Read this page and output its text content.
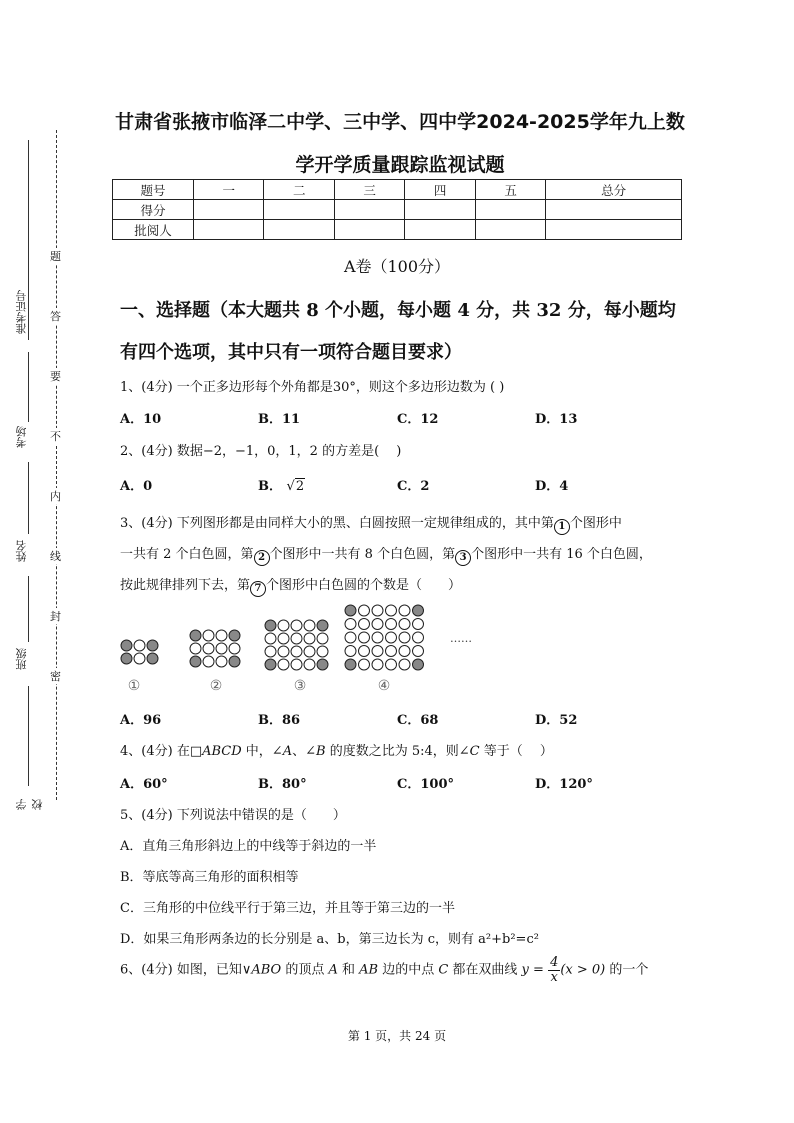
准考证号
考场
姓名
班级
学校
题
答
要
不
内
线
封
密
甘肃省张掖市临泽二中学、三中学、四中学2024-2025学年九上数
学开学质量跟踪监视试题
题号	一	二	三	四	五	总分
得分						
批阅人						
A卷（100分）
一、选择题（本大题共 8 个小题，每小题 4 分，共 32 分，每小题均
有四个选项，其中只有一项符合题目要求）
1、(4分) 一个正多边形每个外角都是30°，则这个多边形边数为 ( )
A．10	B．11	C．12	D．13
2、(4分) 数据−2，−1，0，1，2 的方差是(　 )
A．0	B． √2	C．2	D．4
3、(4分) 下列图形都是由同样大小的黑、白圆按照一定规律组成的，其中第 1 个图形中
一共有 2 个白色圆，第 2 个图形中一共有 8 个白色圆，第 3 个图形中一共有 16 个白色圆，
按此规律排列下去，第 7 个图形中白色圆的个数是（　　）
①	②	③	④
……
A．96	B．86	C．68	D．52
4、(4分) 在□ABCD 中，∠A、∠B 的度数之比为 5:4，则∠C 等于（　 ）
A．60°	B．80°	C．100°	D．120°
5、(4分) 下列说法中错误的是（　　）
A．直角三角形斜边上的中线等于斜边的一半
B．等底等高三角形的面积相等
C．三角形的中位线平行于第三边，并且等于第三边的一半
D．如果三角形两条边的长分别是 a、b，第三边长为 c，则有 a²+b²=c²
6、(4分) 如图，已知∨ABO 的顶点 A 和 AB 边的中点 C 都在双曲线 $y = \frac{4}{x} (x > 0)$ 的一个
第 1 页，共 24 页
